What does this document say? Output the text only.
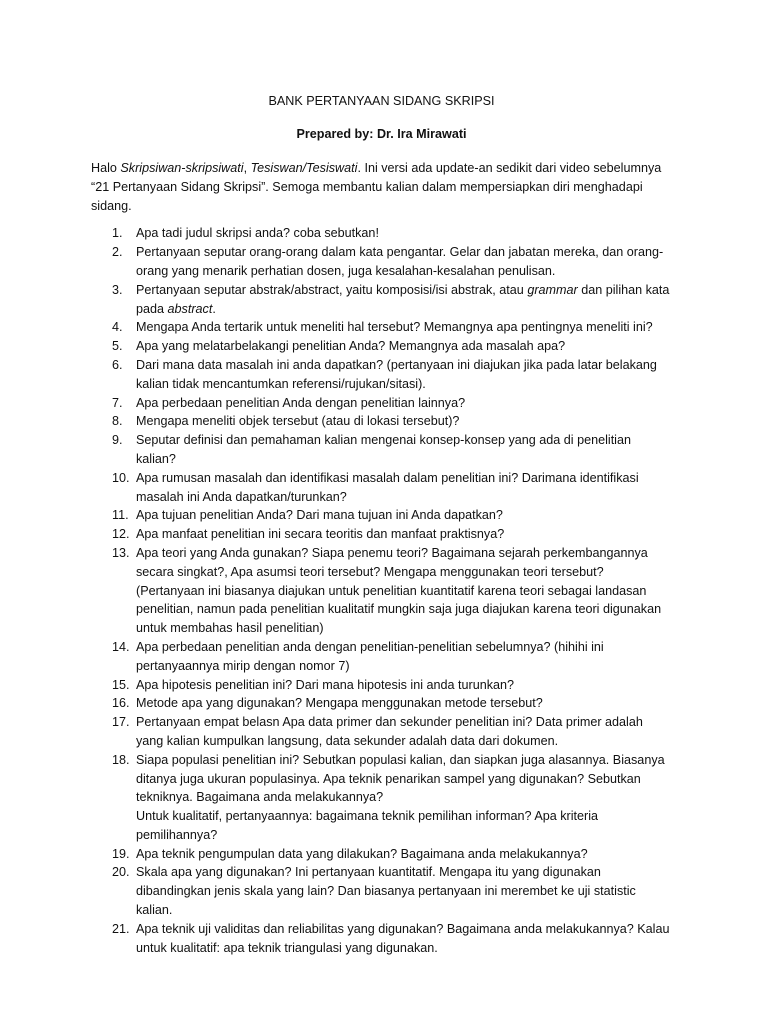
BANK PERTANYAAN SIDANG SKRIPSI

Prepared by: Dr. Ira Mirawati

Halo Skripsiwan-skripsiwati, Tesiswan/Tesiswati. Ini versi ada update-an sedikit dari video sebelumnya “21 Pertanyaan Sidang Skripsi”. Semoga membantu kalian dalam mempersiapkan diri menghadapi sidang.

1. Apa tadi judul skripsi anda? coba sebutkan!
2. Pertanyaan seputar orang-orang dalam kata pengantar. Gelar dan jabatan mereka, dan orang-orang yang menarik perhatian dosen, juga kesalahan-kesalahan penulisan.
3. Pertanyaan seputar abstrak/abstract, yaitu komposisi/isi abstrak, atau grammar dan pilihan kata pada abstract.
4. Mengapa Anda tertarik untuk meneliti hal tersebut? Memangnya apa pentingnya meneliti ini?
5. Apa yang melatarbelakangi penelitian Anda? Memangnya ada masalah apa?
6. Dari mana data masalah ini anda dapatkan? (pertanyaan ini diajukan jika pada latar belakang kalian tidak mencantumkan referensi/rujukan/sitasi).
7. Apa perbedaan penelitian Anda dengan penelitian lainnya?
8. Mengapa meneliti objek tersebut (atau di lokasi tersebut)?
9. Seputar definisi dan pemahaman kalian mengenai konsep-konsep yang ada di penelitian kalian?
10. Apa rumusan masalah dan identifikasi masalah dalam penelitian ini? Darimana identifikasi masalah ini Anda dapatkan/turunkan?
11. Apa tujuan penelitian Anda? Dari mana tujuan ini Anda dapatkan?
12. Apa manfaat penelitian ini secara teoritis dan manfaat praktisnya?
13. Apa teori yang Anda gunakan? Siapa penemu teori? Bagaimana sejarah perkembangannya secara singkat?, Apa asumsi teori tersebut? Mengapa menggunakan teori tersebut? (Pertanyaan ini biasanya diajukan untuk penelitian kuantitatif karena teori sebagai landasan penelitian, namun pada penelitian kualitatif mungkin saja juga diajukan karena teori digunakan untuk membahas hasil penelitian)
14. Apa perbedaan penelitian anda dengan penelitian-penelitian sebelumnya? (hihihi ini pertanyaannya mirip dengan nomor 7)
15. Apa hipotesis penelitian ini? Dari mana hipotesis ini anda turunkan?
16. Metode apa yang digunakan? Mengapa menggunakan metode tersebut?
17. Pertanyaan empat belasn Apa data primer dan sekunder penelitian ini? Data primer adalah yang kalian kumpulkan langsung, data sekunder adalah data dari dokumen.
18. Siapa populasi penelitian ini? Sebutkan populasi kalian, dan siapkan juga alasannya. Biasanya ditanya juga ukuran populasinya. Apa teknik penarikan sampel yang digunakan? Sebutkan tekniknya. Bagaimana anda melakukannya?
Untuk kualitatif, pertanyaannya: bagaimana teknik pemilihan informan? Apa kriteria pemilihannya?
19. Apa teknik pengumpulan data yang dilakukan? Bagaimana anda melakukannya?
20. Skala apa yang digunakan? Ini pertanyaan kuantitatif. Mengapa itu yang digunakan dibandingkan jenis skala yang lain? Dan biasanya pertanyaan ini merembet ke uji statistic kalian.
21. Apa teknik uji validitas dan reliabilitas yang digunakan? Bagaimana anda melakukannya? Kalau untuk kualitatif: apa teknik triangulasi yang digunakan.
